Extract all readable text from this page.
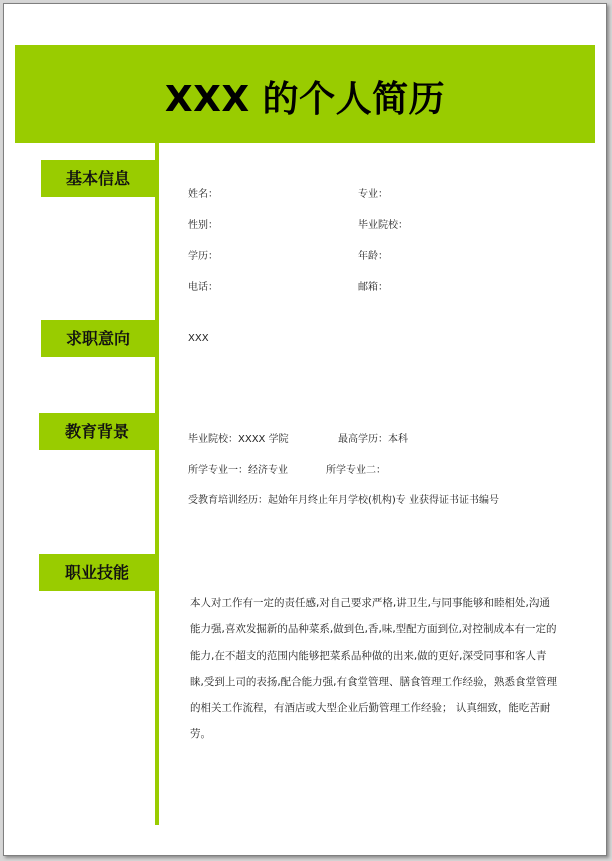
XXX 的个人简历
基本信息
姓名：	专业：
性别：	毕业院校：
学历：	年龄：
电话：	邮箱：
求职意向	XXX
教育背景	毕业院校：XXXX 学院	最高学历：本科
所学专业一：经济专业	所学专业二：
受教育培训经历：起始年月终止年月学校(机构)专 业获得证书证书编号
职业技能
本人对工作有一定的责任感,对自己要求严格,讲卫生,与同事能够和睦相处,沟通能力强,喜欢发掘新的品种菜系,做到色,香,味,型配方面到位,对控制成本有一定的能力,在不超支的范围内能够把菜系品种做的出来,做的更好,深受同事和客人青睐,受到上司的表扬,配合能力强,有食堂管理、膳食管理工作经验，熟悉食堂管理的相关工作流程，有酒店或大型企业后勤管理工作经验； 认真细致，能吃苦耐劳。
